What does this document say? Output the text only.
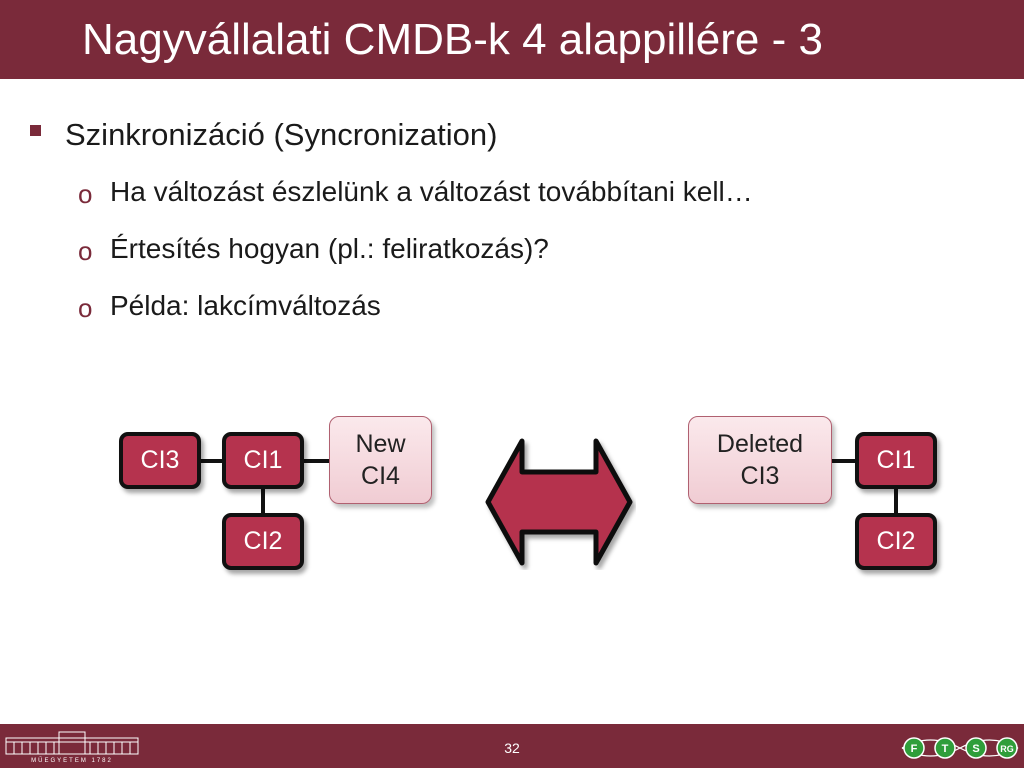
Nagyvállalati CMDB-k 4 alappillére - 3
Szinkronizáció (Syncronization)
o Ha változást észlelünk a változást továbbítani kell…
o Értesítés hogyan (pl.: feliratkozás)?
o Példa: lakcímváltozás
CI3	CI1
CI2
New
CI4
Deleted
CI3
CI1
CI2
MŰEGYETEM 1782
32	F T S RG
